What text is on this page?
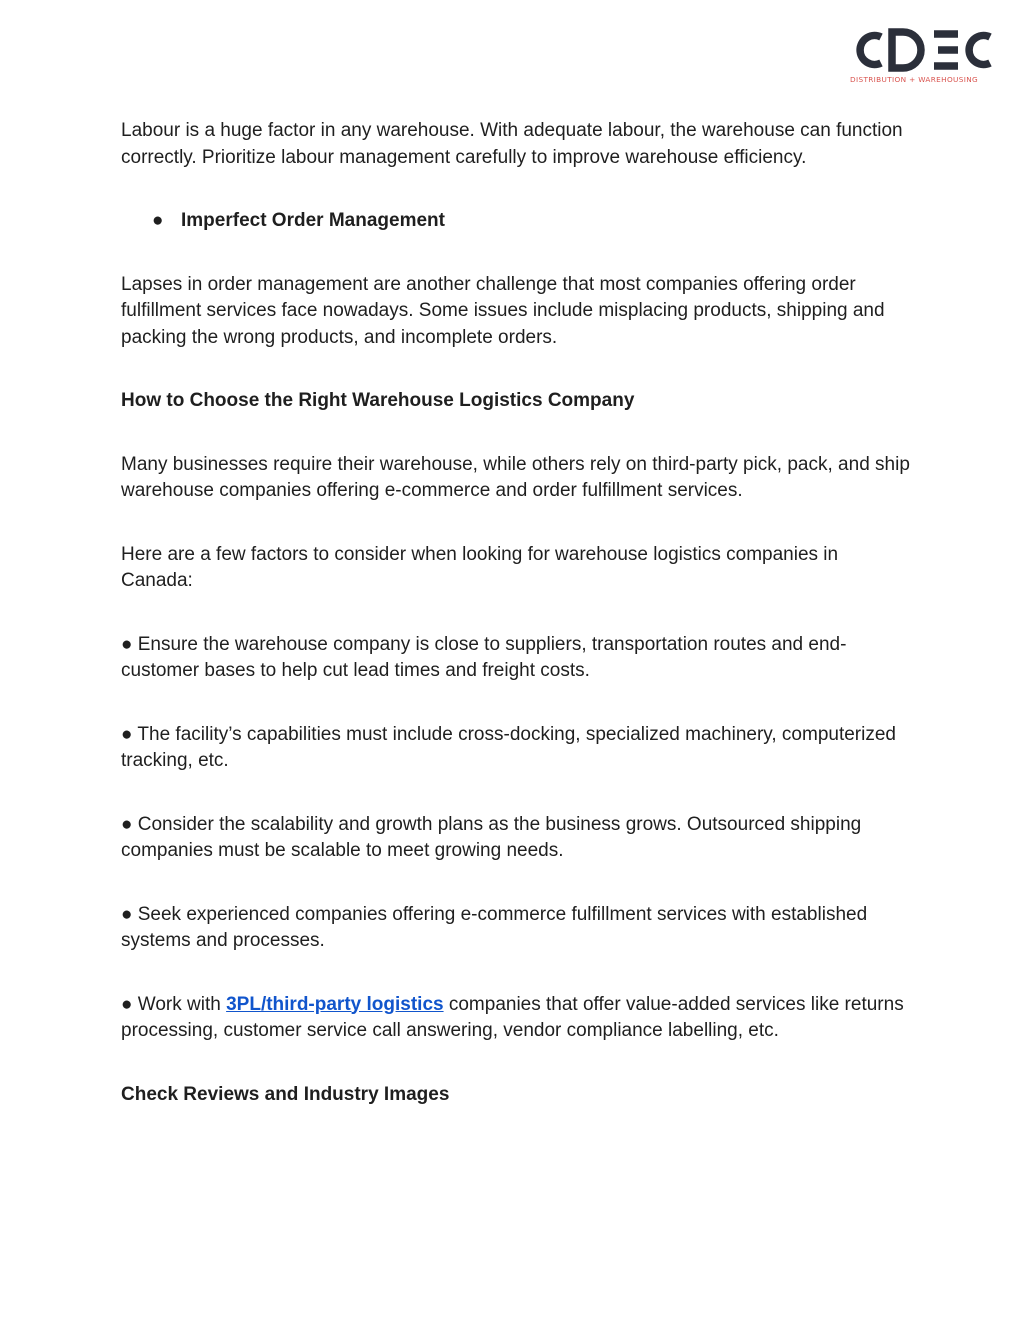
DISTRIBUTION + WAREHOUSING

Labour is a huge factor in any warehouse. With adequate labour, the warehouse can function correctly. Prioritize labour management carefully to improve warehouse efficiency.

● Imperfect Order Management

Lapses in order management are another challenge that most companies offering order fulfillment services face nowadays. Some issues include misplacing products, shipping and packing the wrong products, and incomplete orders.

How to Choose the Right Warehouse Logistics Company

Many businesses require their warehouse, while others rely on third-party pick, pack, and ship warehouse companies offering e-commerce and order fulfillment services.

Here are a few factors to consider when looking for warehouse logistics companies in Canada:

● Ensure the warehouse company is close to suppliers, transportation routes and end-customer bases to help cut lead times and freight costs.

● The facility’s capabilities must include cross-docking, specialized machinery, computerized tracking, etc.

● Consider the scalability and growth plans as the business grows. Outsourced shipping companies must be scalable to meet growing needs.

● Seek experienced companies offering e-commerce fulfillment services with established systems and processes.

● Work with 3PL/third-party logistics companies that offer value-added services like returns processing, customer service call answering, vendor compliance labelling, etc.

Check Reviews and Industry Images
